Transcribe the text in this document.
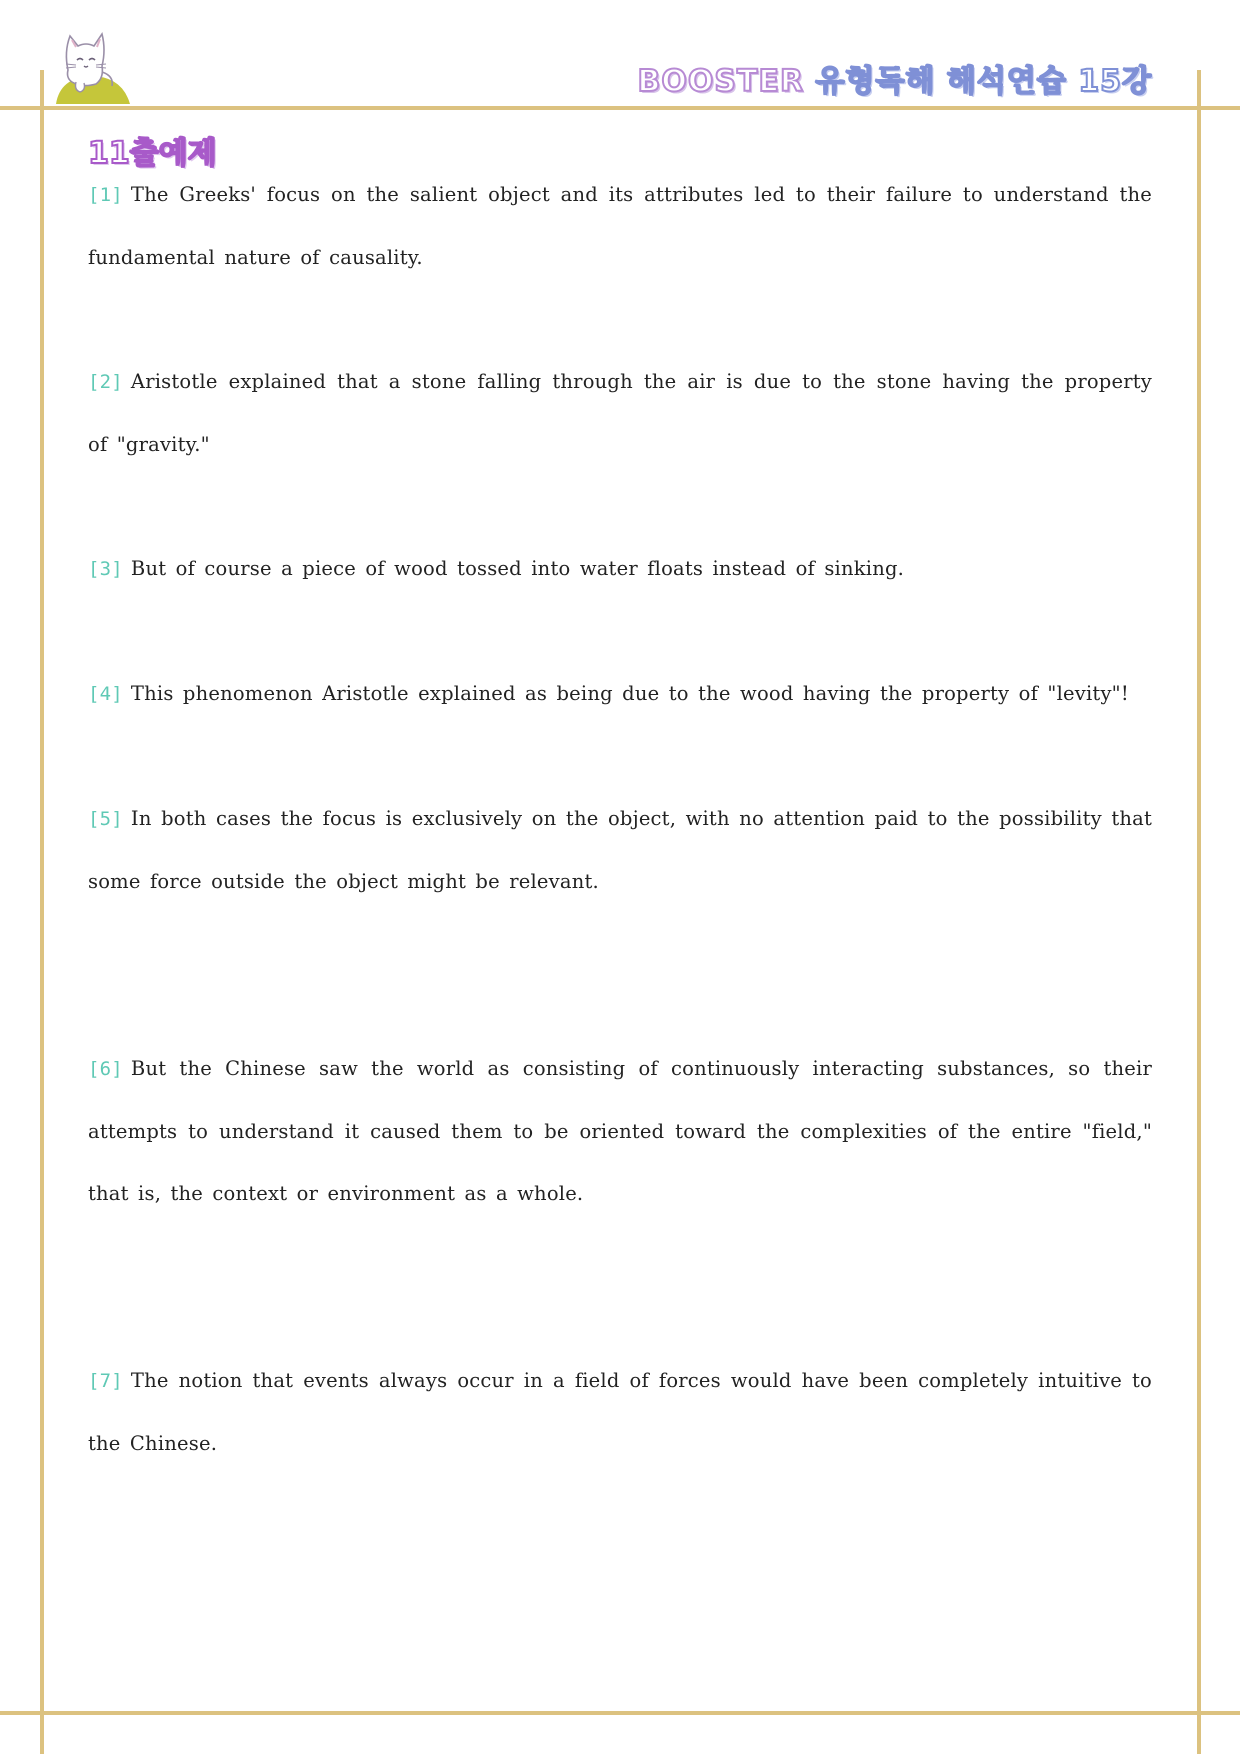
BOOSTER 유형독해 해석연습 15강
11출예제

[1] The Greeks' focus on the salient object and its attributes led to their failure to understand the fundamental nature of causality.

[2] Aristotle explained that a stone falling through the air is due to the stone having the property of "gravity."

[3] But of course a piece of wood tossed into water floats instead of sinking.

[4] This phenomenon Aristotle explained as being due to the wood having the property of "levity"!

[5] In both cases the focus is exclusively on the object, with no attention paid to the possibility that some force outside the object might be relevant.

[6] But the Chinese saw the world as consisting of continuously interacting substances, so their attempts to understand it caused them to be oriented toward the complexities of the entire "field," that is, the context or environment as a whole.

[7] The notion that events always occur in a field of forces would have been completely intuitive to the Chinese.
